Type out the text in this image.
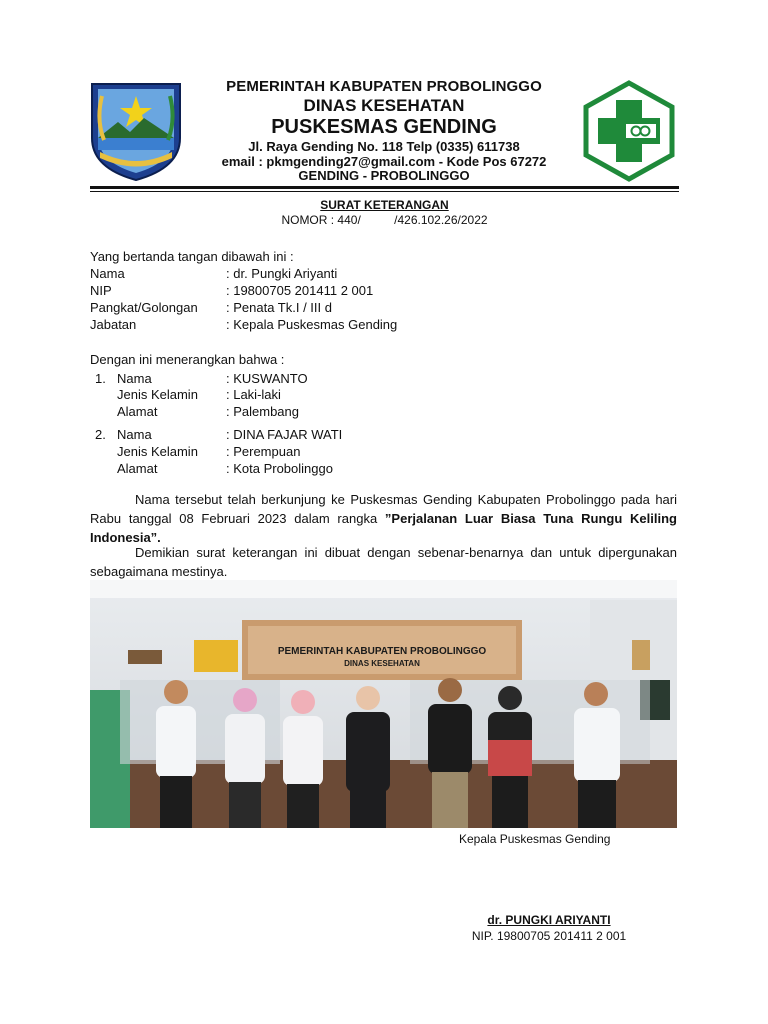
PEMERINTAH KABUPATEN PROBOLINGGO
DINAS KESEHATAN
PUSKESMAS GENDING
Jl. Raya Gending No. 118 Telp (0335) 611738
email : pkmgending27@gmail.com - Kode Pos 67272
GENDING - PROBOLINGGO
SURAT KETERANGAN
NOMOR : 440/          /426.102.26/2022
Yang bertanda tangan dibawah ini :
Nama	: dr. Pungki Ariyanti
NIP	: 19800705 201411 2 001
Pangkat/Golongan : Penata Tk.I / III d
Jabatan	: Kepala Puskesmas Gending
Dengan ini menerangkan bahwa :
1. Nama	: KUSWANTO
Jenis Kelamin : Laki-laki
Alamat	: Palembang
2. Nama	: DINA FAJAR WATI
Jenis Kelamin : Perempuan
Alamat	: Kota Probolinggo
Nama tersebut telah berkunjung ke Puskesmas Gending Kabupaten Probolinggo pada hari Rabu tanggal 08 Februari 2023 dalam rangka ”Perjalanan Luar Biasa Tuna Rungu Keliling Indonesia”.
Demikian surat keterangan ini dibuat dengan sebenar-benarnya dan untuk dipergunakan sebagaimana mestinya.
PEMERINTAH KABUPATEN PROBOLINGGO
DINAS KESEHATAN
Kepala Puskesmas Gending
dr. PUNGKI ARIYANTI
NIP. 19800705 201411 2 001
